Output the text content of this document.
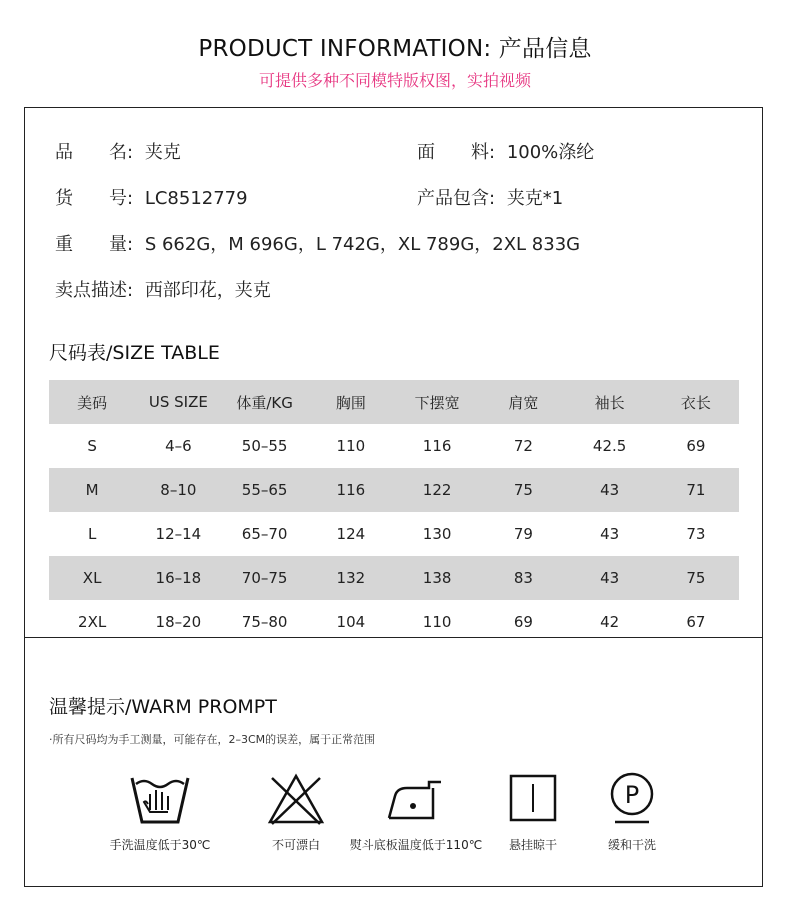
PRODUCT INFORMATION: 产品信息
可提供多种不同模特版权图，实拍视频
品　　名: 夹克	面　　料: 100%涤纶
货　　号: LC8512779	产品包含: 夹克*1
重　　量: S 662G，M 696G，L 742G，XL 789G，2XL 833G
卖点描述: 西部印花，夹克
尺码表/SIZE TABLE
美码	US SIZE	体重/KG	胸围	下摆宽	肩宽	袖长	衣长
S	4–6	50–55	110	116	72	42.5	69
M	8–10	55–65	116	122	75	43	71
L	12–14	65–70	124	130	79	43	73
XL	16–18	70–75	132	138	83	43	75
2XL	18–20	75–80	104	110	69	42	67
温馨提示/WARM PROMPT
·所有尺码均为手工测量，可能存在，2–3CM的误差，属于正常范围
手洗温度低于30℃	不可漂白	熨斗底板温度低于110℃	悬挂晾干
P
缓和干洗
